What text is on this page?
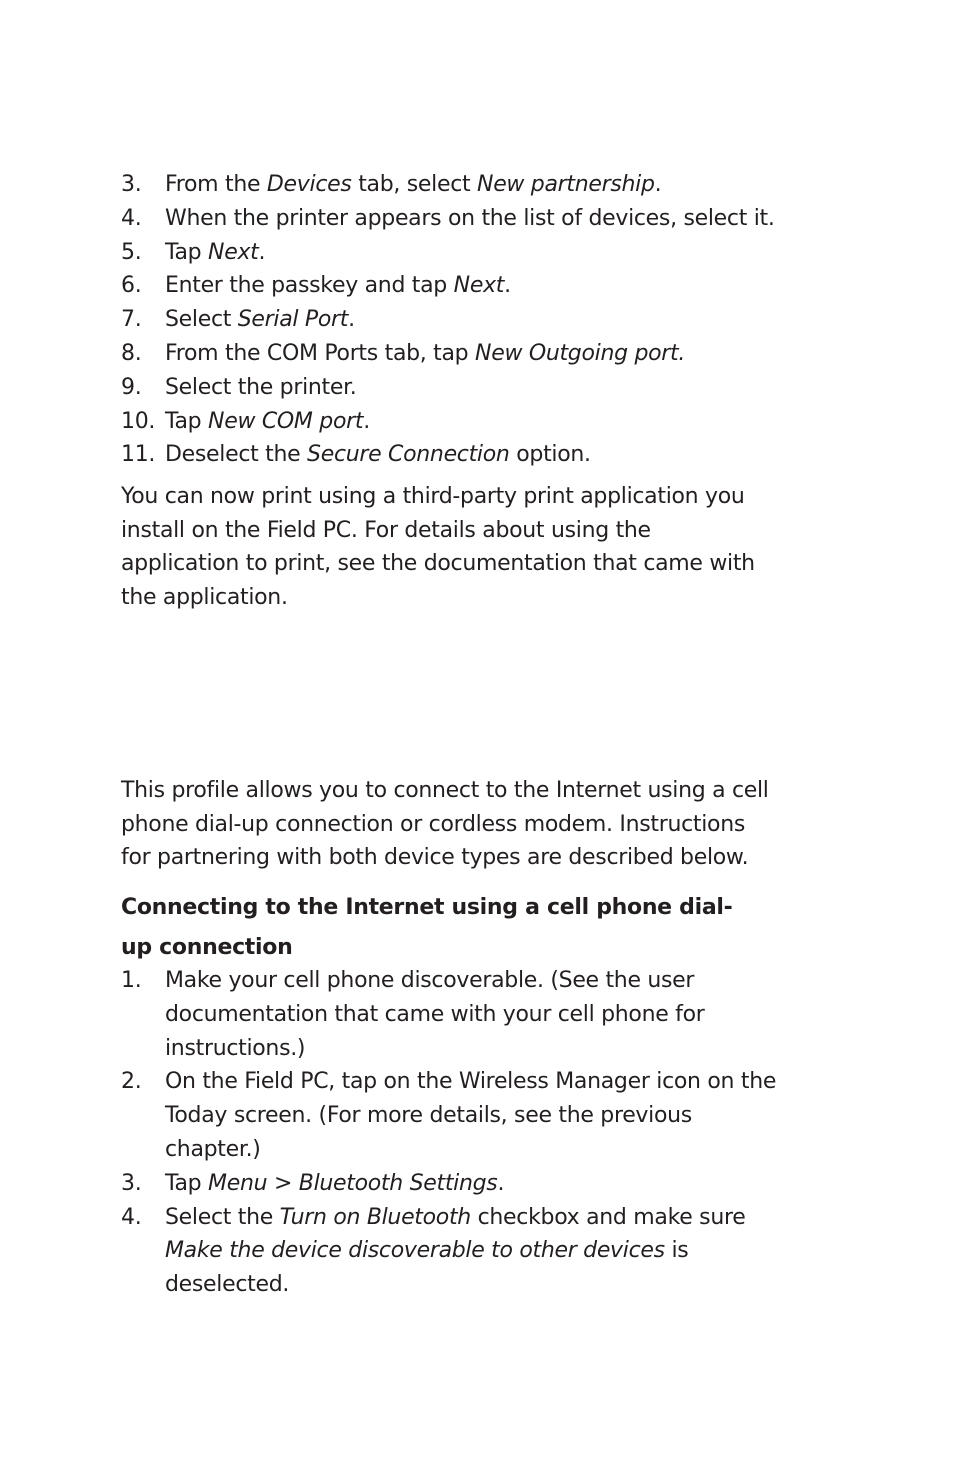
3.	From the Devices tab, select New partnership.
4.	When the printer appears on the list of devices, select it.
5.	Tap Next.
6.	Enter the passkey and tap Next.
7.	Select Serial Port.
8.	From the COM Ports tab, tap New Outgoing port.
9.	Select the printer.
10. Tap New COM port.
11. Deselect the Secure Connection option.

You can now print using a third-party print application you install on the Field PC. For details about using the application to print, see the documentation that came with the application.

This profile allows you to connect to the Internet using a cell phone dial-up connection or cordless modem. Instructions for partnering with both device types are described below.

Connecting to the Internet using a cell phone dial-up connection
1.	Make your cell phone discoverable. (See the user documentation that came with your cell phone for instructions.)
2.	On the Field PC, tap on the Wireless Manager icon on the Today screen. (For more details, see the previous chapter.)
3.	Tap Menu > Bluetooth Settings.
4.	Select the Turn on Bluetooth checkbox and make sure Make the device discoverable to other devices is deselected.
